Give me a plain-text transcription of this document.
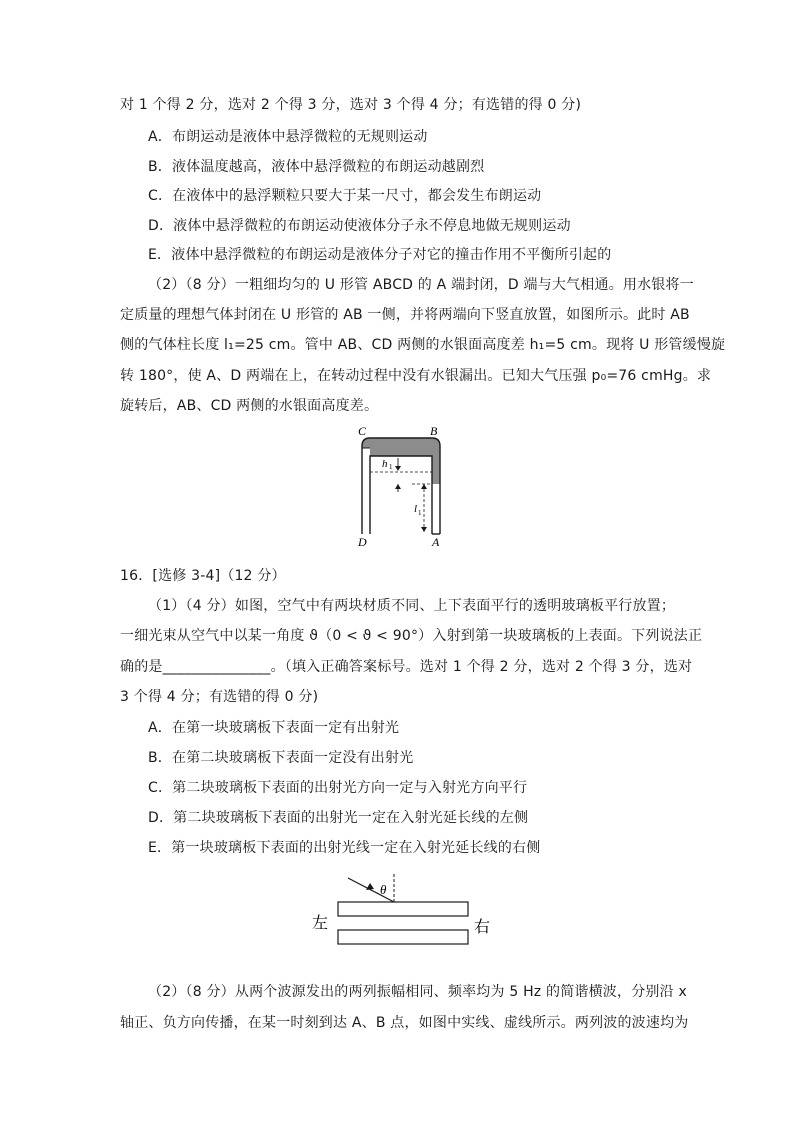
对 1 个得 2 分，选对 2 个得 3 分，选对 3 个得 4 分；有选错的得 0 分)
A．布朗运动是液体中悬浮微粒的无规则运动
B．液体温度越高，液体中悬浮微粒的布朗运动越剧烈
C．在液体中的悬浮颗粒只要大于某一尺寸，都会发生布朗运动
D．液体中悬浮微粒的布朗运动使液体分子永不停息地做无规则运动
E．液体中悬浮微粒的布朗运动是液体分子对它的撞击作用不平衡所引起的
（2）（8 分）一粗细均匀的 U 形管 ABCD 的 A 端封闭，D 端与大气相通。用水银将一
定质量的理想气体封闭在 U 形管的 AB 一侧，并将两端向下竖直放置，如图所示。此时 AB
侧的气体柱长度 l₁=25 cm。管中 AB、CD 两侧的水银面高度差 h₁=5 cm。现将 U 形管缓慢旋
转 180°，使 A、D 两端在上，在转动过程中没有水银漏出。已知大气压强 p₀=76 cmHg。求
旋转后，AB、CD 两侧的水银面高度差。
C	B
D	A
h 1
l 1
16．[选修 3-4]（12 分）
（1）（4 分）如图，空气中有两块材质不同、上下表面平行的透明玻璃板平行放置；
一细光束从空气中以某一角度 ϑ（0 < ϑ < 90°）入射到第一块玻璃板的上表面。下列说法正
确的是_______________。（填入正确答案标号。选对 1 个得 2 分，选对 2 个得 3 分，选对
3 个得 4 分；有选错的得 0 分)
A．在第一块玻璃板下表面一定有出射光
B．在第二块玻璃板下表面一定没有出射光
C．第二块玻璃板下表面的出射光方向一定与入射光方向平行
D．第二块玻璃板下表面的出射光一定在入射光延长线的左侧
E．第一块玻璃板下表面的出射光线一定在入射光延长线的右侧
θ
左	右
（2）（8 分）从两个波源发出的两列振幅相同、频率均为 5 Hz 的简谐横波，分别沿 x
轴正、负方向传播，在某一时刻到达 A、B 点，如图中实线、虚线所示。两列波的波速均为
